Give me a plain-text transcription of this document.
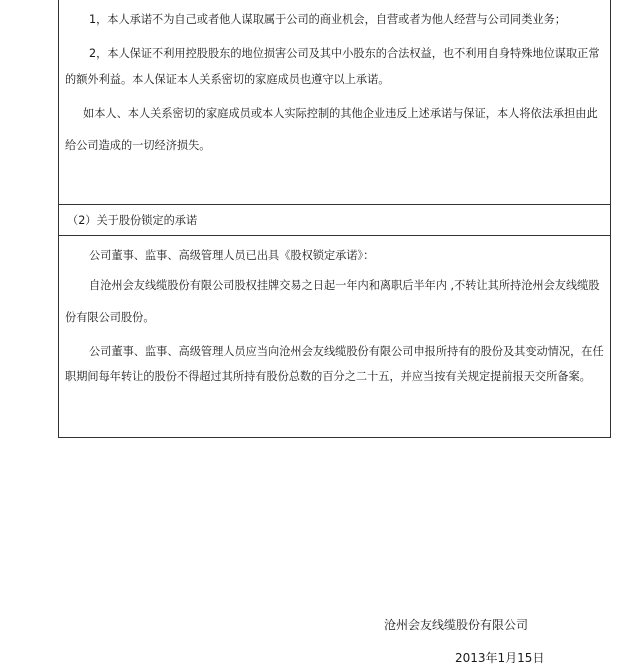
1，本人承诺不为自己或者他人谋取属于公司的商业机会，自营或者为他人经营与公司同类业务；

2，本人保证不利用控股股东的地位损害公司及其中小股东的合法权益，也不利用自身特殊地位谋取正常

的额外利益。本人保证本人关系密切的家庭成员也遵守以上承诺。

如本人、本人关系密切的家庭成员或本人实际控制的其他企业违反上述承诺与保证，本人将依法承担由此

给公司造成的一切经济损失。

（2）关于股份锁定的承诺

公司董事、监事、高级管理人员已出具《股权锁定承诺》：

自沧州会友线缆股份有限公司股权挂牌交易之日起一年内和离职后半年内 ,不转让其所持沧州会友线缆股

份有限公司股份。

公司董事、监事、高级管理人员应当向沧州会友线缆股份有限公司申报所持有的股份及其变动情况，在任

职期间每年转让的股份不得超过其所持有股份总数的百分之二十五，并应当按有关规定提前报天交所备案。

沧州会友线缆股份有限公司
2013年1月15日
